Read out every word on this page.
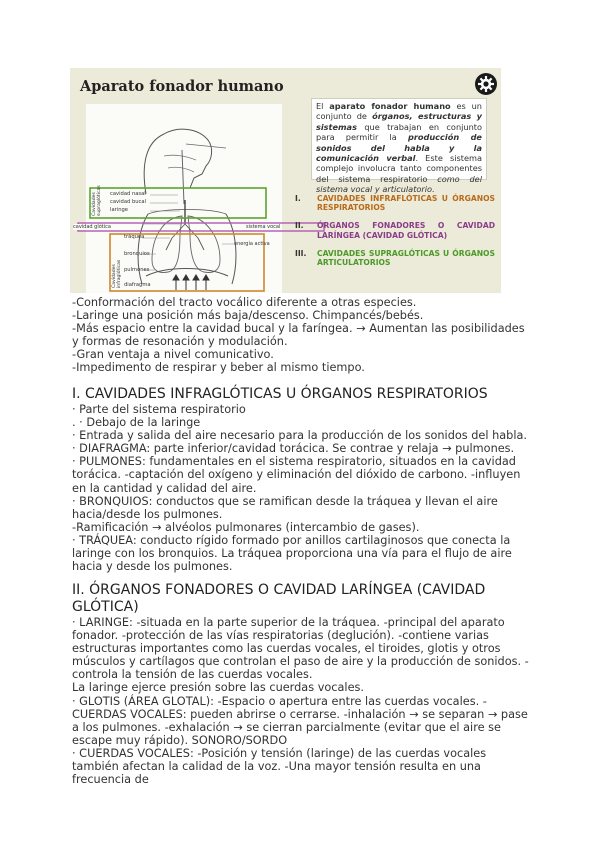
Aparato fonador humano
Cavidades supraglóticas	cavidad nasal
cavidad bucal
laringe
cavidad glótica	sistema vocal
tráquea
Cavidades infraglóticas
bronquios
energía activa
pulmones
diafragma
El aparato fonador humano es un conjunto de órganos, estructuras y sistemas que trabajan en conjunto para permitir la producción de sonidos del habla y la comunicación verbal. Este sistema complejo involucra tanto componentes del sistema respiratorio como del sistema vocal y articulatorio.
I.	CAVIDADES INFRAFLÓTICAS U ÓRGANOS RESPIRATORIOS
II.	ÓRGANOS FONADORES O CAVIDAD LARÍNGEA (CAVIDAD GLÓTICA)
III.	CAVIDADES SUPRAGLÓTICAS U ÓRGANOS ARTICULATORIOS

-Conformación del tracto vocálico diferente a otras especies.

-Laringe una posición más baja/descenso. Chimpancés/bebés.

-Más espacio entre la cavidad bucal y la faríngea. → Aumentan las posibilidades y formas de resonación y modulación.

-Gran ventaja a nivel comunicativo.

-Impedimento de respirar y beber al mismo tiempo.

I. CAVIDADES INFRAGLÓTICAS U ÓRGANOS RESPIRATORIOS

· Parte del sistema respiratorio

. · Debajo de la laringe

· Entrada y salida del aire necesario para la producción de los sonidos del habla.

· DIAFRAGMA: parte inferior/cavidad torácica. Se contrae y relaja → pulmones.

· PULMONES: fundamentales en el sistema respiratorio, situados en la cavidad torácica. -captación del oxígeno y eliminación del dióxido de carbono. -influyen en la cantidad y calidad del aire.

· BRONQUIOS: conductos que se ramifican desde la tráquea y llevan el aire hacia/desde los pulmones.

-Ramificación → alvéolos pulmonares (intercambio de gases).

· TRÁQUEA: conducto rígido formado por anillos cartilaginosos que conecta la laringe con los bronquios. La tráquea proporciona una vía para el flujo de aire hacia y desde los pulmones.

II. ÓRGANOS FONADORES O CAVIDAD LARÍNGEA (CAVIDAD GLÓTICA)

· LARINGE: -situada en la parte superior de la tráquea. -principal del aparato fonador. -protección de las vías respiratorias (deglución). -contiene varias estructuras importantes como las cuerdas vocales, el tiroides, glotis y otros músculos y cartílagos que controlan el paso de aire y la producción de sonidos. -controla la tensión de las cuerdas vocales.

La laringe ejerce presión sobre las cuerdas vocales.

· GLOTIS (ÁREA GLOTAL): -Espacio o apertura entre las cuerdas vocales. -CUERDAS VOCALES: pueden abrirse o cerrarse. -inhalación → se separan → pase a los pulmones. -exhalación → se cierran parcialmente (evitar que el aire se escape muy rápido). SONORO/SORDO

· CUERDAS VOCALES: -Posición y tensión (laringe) de las cuerdas vocales también afectan la calidad de la voz. -Una mayor tensión resulta en una frecuencia de
